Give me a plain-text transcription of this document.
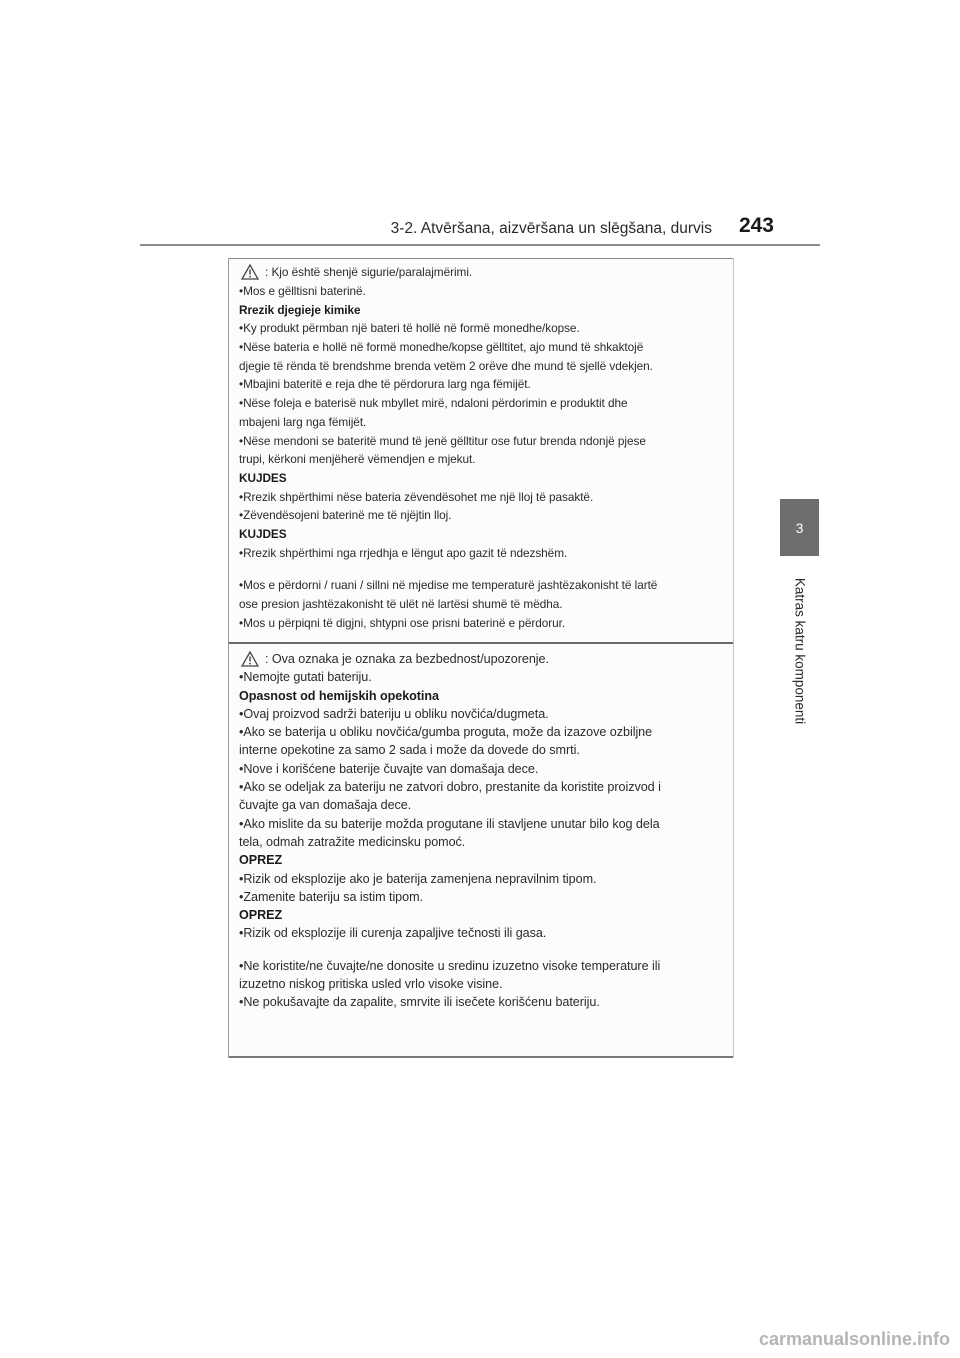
3-2. Atvēršana, aizvēršana un slēgšana, durvis 243
3
Katras katru komponenti
: Kjo është shenjë sigurie/paralajmërimi.
•Mos e gëlltisni baterinë.
Rrezik djegieje kimike
•Ky produkt përmban një bateri të hollë në formë monedhe/kopse.
•Nëse bateria e hollë në formë monedhe/kopse gëlltitet, ajo mund të shkaktojë
djegie të rënda të brendshme brenda vetëm 2 orëve dhe mund të sjellë vdekjen.
•Mbajini bateritë e reja dhe të përdorura larg nga fëmijët.
•Nëse foleja e baterisë nuk mbyllet mirë, ndaloni përdorimin e produktit dhe
mbajeni larg nga fëmijët.
•Nëse mendoni se bateritë mund të jenë gëlltitur ose futur brenda ndonjë pjese
trupi, kërkoni menjëherë vëmendjen e mjekut.
KUJDES
•Rrezik shpërthimi nëse bateria zëvendësohet me një lloj të pasaktë.
•Zëvendësojeni baterinë me të njëjtin lloj.
KUJDES
•Rrezik shpërthimi nga rrjedhja e lëngut apo gazit të ndezshëm.
•Mos e përdorni / ruani / sillni në mjedise me temperaturë jashtëzakonisht të lartë
ose presion jashtëzakonisht të ulët në lartësi shumë të mëdha.
•Mos u përpiqni të digjni, shtypni ose prisni baterinë e përdorur.
: Ova oznaka je oznaka za bezbednost/upozorenje.
•Nemojte gutati bateriju.
Opasnost od hemijskih opekotina
•Ovaj proizvod sadrži bateriju u obliku novčića/dugmeta.
•Ako se baterija u obliku novčića/gumba proguta, može da izazove ozbiljne
interne opekotine za samo 2 sada i može da dovede do smrti.
•Nove i korišćene baterije čuvajte van domašaja dece.
•Ako se odeljak za bateriju ne zatvori dobro, prestanite da koristite proizvod i
čuvajte ga van domašaja dece.
•Ako mislite da su baterije možda progutane ili stavljene unutar bilo kog dela
tela, odmah zatražite medicinsku pomoć.
OPREZ
•Rizik od eksplozije ako je baterija zamenjena nepravilnim tipom.
•Zamenite bateriju sa istim tipom.
OPREZ
•Rizik od eksplozije ili curenja zapaljive tečnosti ili gasa.
•Ne koristite/ne čuvajte/ne donosite u sredinu izuzetno visoke temperature ili
izuzetno niskog pritiska usled vrlo visoke visine.
•Ne pokušavajte da zapalite, smrvite ili isečete korišćenu bateriju.
carmanualsonline.info
